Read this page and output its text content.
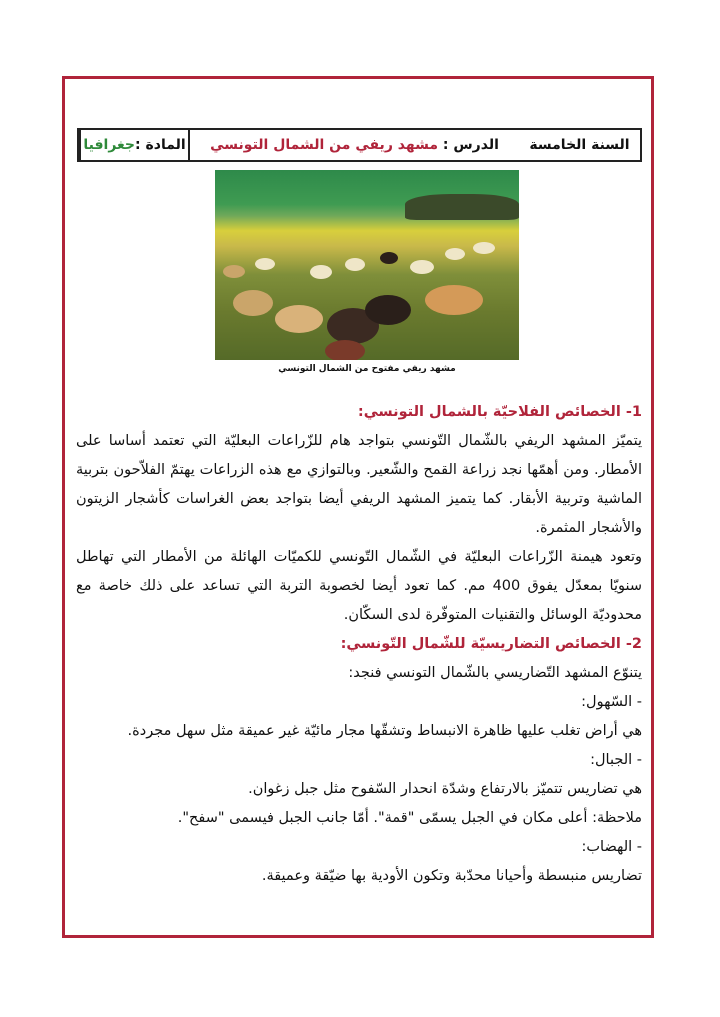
المادة :
جغرافيا	الدرس :

مشهد ريفي من الشمال التونسي	السنة الخامسة
مشهد ريفي مفتوح من الشمال التونسي

1- الخصائص الفلاحيّة بالشمال التونسي:

يتميّز المشهد الريفي بالشّمال التّونسي بتواجد هام للزّراعات البعليّة التي تعتمد أساسا على الأمطار. ومن أهمّها نجد زراعة القمح والشّعير. وبالتوازي مع هذه الزراعات يهتمّ الفلاّحون بتربية الماشية وتربية الأبقار. كما يتميز المشهد الريفي أيضا بتواجد بعض الغراسات كأشجار الزيتون والأشجار المثمرة.

وتعود هيمنة الزّراعات البعليّة في الشّمال التّونسي للكميّات الهائلة من الأمطار التي تهاطل سنويّا بمعدّل يفوق 400 مم. كما تعود أيضا لخصوبة التربة التي تساعد على ذلك خاصة مع محدوديّة الوسائل والتقنيات المتوفّرة لدى السكّان.

2- الخصائص التضاريسيّة للشّمال التّونسي:

يتنوّع المشهد التّضاريسي بالشّمال التونسي فنجد:

- السّهول:

هي أراض تغلب عليها ظاهرة الانبساط وتشقّها مجار مائيّة غير عميقة مثل سهل مجردة.

- الجبال:

هي تضاريس تتميّز بالارتفاع وشدّة انحدار السّفوح مثل جبل زغوان.

ملاحظة: أعلى مكان في الجبل يسمّى "قمة". أمّا جانب الجبل فيسمى "سفح".

- الهضاب:

تضاريس منبسطة وأحيانا محدّبة وتكون الأودية بها ضيّقة وعميقة.
